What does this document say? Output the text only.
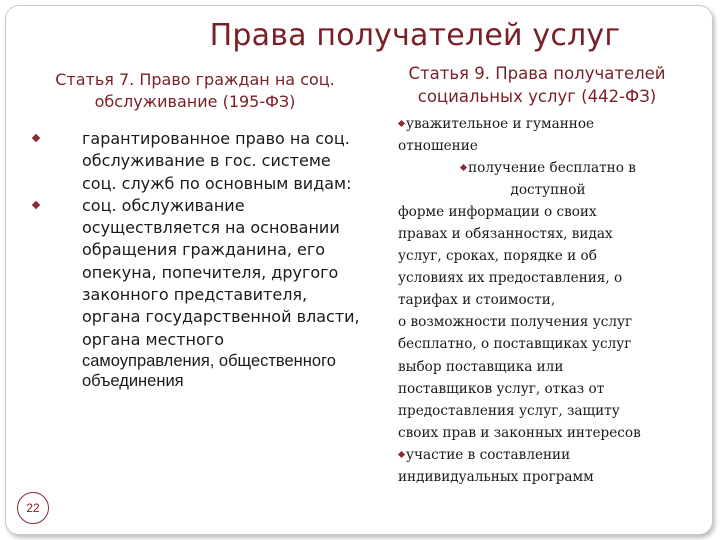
Права получателей услуг
Статья 7. Право граждан на соц.
обслуживание (195-ФЗ)
гарантированное право на соц. обслуживание в гос. системе соц. служб по основным видам:
соц. обслуживание осуществляется на основании обращения гражданина, его опекуна, попечителя, другого законного представителя, органа государственной власти, органа местного
самоуправления, общественного объединения
Статья 9. Права получателей
социальных услуг (442-ФЗ)
уважительное и гуманное
отношение
получение бесплатно в
доступной
форме информации о своих
правах и обязанностях, видах
услуг, сроках, порядке и об
условиях их предоставления, о
тарифах и стоимости,
о возможности получения услуг
бесплатно, о поставщиках услуг
выбор поставщика или
поставщиков услуг, отказ от
предоставления услуг, защиту
своих прав и законных интересов
участие в составлении
индивидуальных программ
22
